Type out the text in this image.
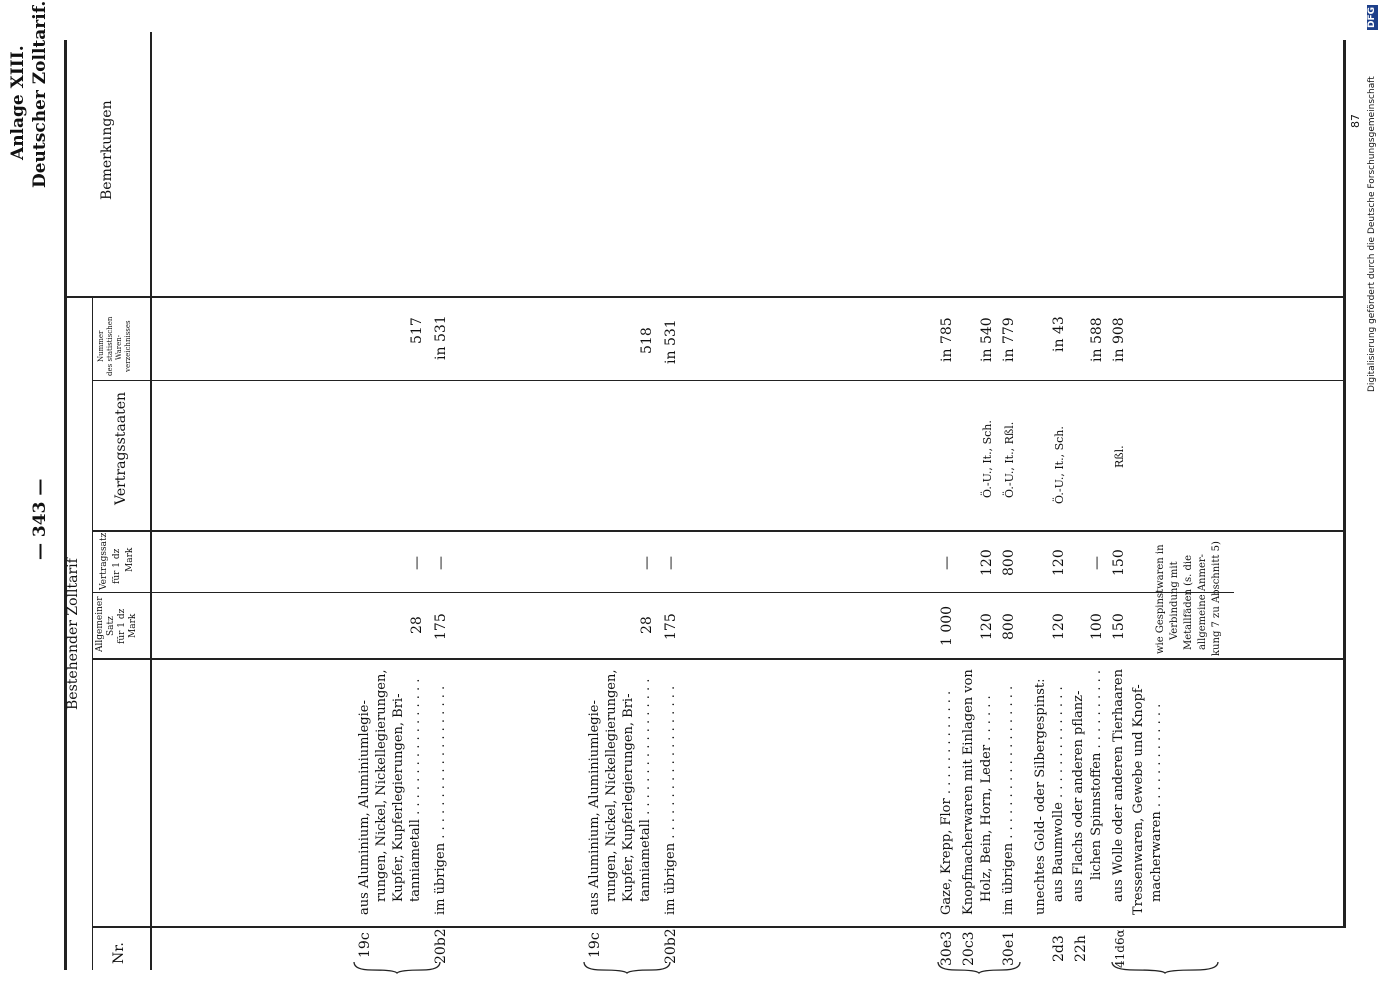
— 343 —
Anlage XIII. Deutscher Zolltarif.
Bestehender Zolltarif
Nr.
Allgemeiner Satz für 1 dz Mark
Vertragssatz für 1 dz Mark
Vertragsstaaten
Nummer des statistischen Waren- verzeichnisses
Bemerkungen
19c
aus Aluminium, Aluminiumlegie- rungen, Nickel, Nickellegierungen, Kupfer, Kupferlegierungen, Bri- tanniametall . . . . . . . . . . . . . . . . .
28
—
517
20b2
im übrigen . . . . . . . . . . . . . . . . . . .
175
—
in 531
19c
aus Aluminium, Aluminiumlegie- rungen, Nickel, Nickellegierungen, Kupfer, Kupferlegierungen, Bri- tanniametall . . . . . . . . . . . . . . . . .
28
—
518
20b2
im übrigen . . . . . . . . . . . . . . . . . . .
175
—
in 531
30e3
Gaze, Krepp, Flor . . . . . . . . . . . . .
1 000
—
in 785
20c3
Knopfmacherwaren mit Einlagen von Holz, Bein, Horn, Leder . . . . . .
120
120
Ö.-U., It., Sch.
in 540
30e1
im übrigen . . . . . . . . . . . . . . . . . . .
800
800
Ö.-U., It., Rßl.
in 779
unechtes Gold- oder Silbergespinst:
2d3
aus Baumwolle . . . . . . . . . . . . . .
120
120
Ö.-U., It., Sch.
in 43
22h
aus Flachs oder anderen pflanz- lichen Spinnstoffen . . . . . . . . . .
100
—
in 588
41d6α
aus Wolle oder anderen Tierhaaren
150
150
Rßl.
in 908
Tressenwaren, Gewebe und Knopf- macherwaren . . . . . . . . . . . . .
wie Gespinstwaren in Verbindung mit Metallfäden (s. die allgemeine Anmer- kung 7 zu Abschnitt 5)
87 Digitalisierung gefördert durch die Deutsche Forschungsgemeinschaft
DFG
